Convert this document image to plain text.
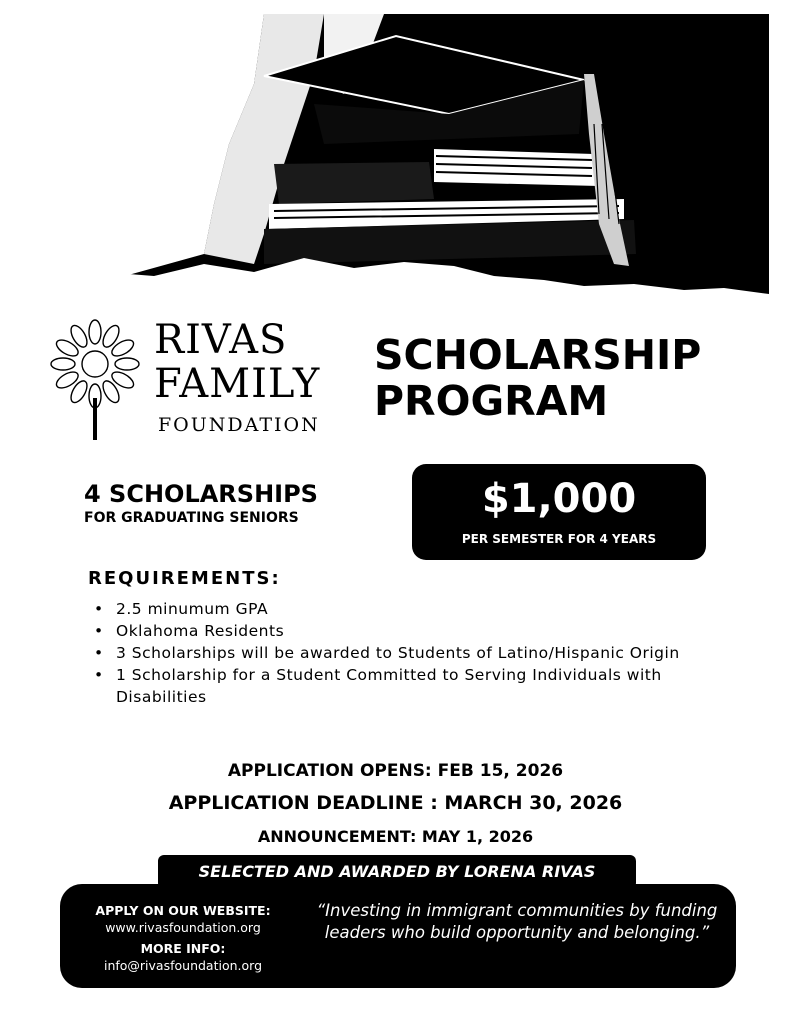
RIVAS
FAMILY
FOUNDATION
SCHOLARSHIP
PROGRAM
4 SCHOLARSHIPS
FOR GRADUATING SENIORS	$1,000
PER SEMESTER FOR 4 YEARS
REQUIREMENTS:
• 2.5 minumum GPA
• Oklahoma Residents
• 3 Scholarships will be awarded to Students of Latino/Hispanic Origin
• 1 Scholarship for a Student Committed to Serving Individuals with Disabilities
APPLICATION OPENS: FEB 15, 2026
APPLICATION DEADLINE : MARCH 30, 2026
ANNOUNCEMENT: MAY 1, 2026
SELECTED AND AWARDED BY LORENA RIVAS
APPLY ON OUR WEBSITE:
www.rivasfoundation.org
MORE INFO:
info@rivasfoundation.org
“Investing in immigrant communities by funding leaders who build opportunity and belonging.”
